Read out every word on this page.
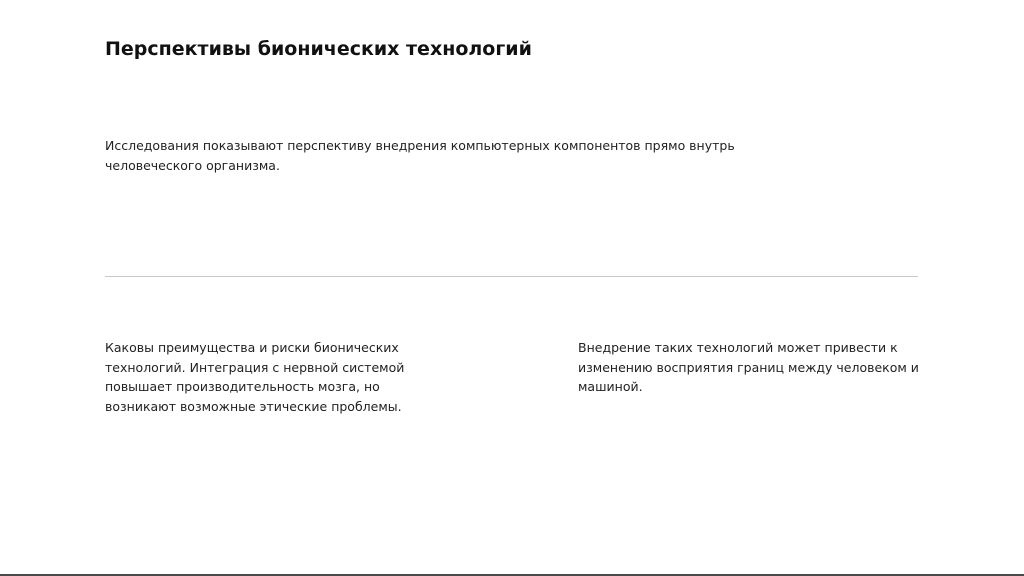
Перспективы бионических технологий

Исследования показывают перспективу внедрения компьютерных компонентов прямо внутрь человеческого организма.

Каковы преимущества и риски бионических технологий. Интеграция с нервной системой повышает производительность мозга, но возникают возможные этические проблемы.

Внедрение таких технологий может привести к изменению восприятия границ между человеком и машиной.
